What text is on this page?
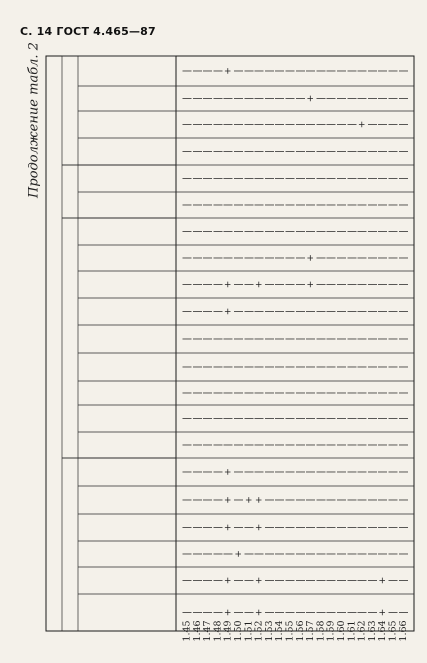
С. 14 ГОСТ 4.465—87
Продолжение табл. 2
1.45
|
|
|
|
|
|
|
|
|
|
|
|
|
|
|
|
|
|
|
|
|
1.46
|
|
|
|
|
|
|
|
|
|
|
|
|
|
|
|
|
|
|
|
|
1.47
|
|
|
|
|
|
|
|
|
|
|
|
|
|
|
|
|
|
|
|
|
1.48
|
|
|
|
|
|
|
|
|
|
|
|
|
|
|
|
|
|
|
|
|
1.49
+
|
|
|
|
|
|
|
+
+
|
|
|
|
|
+
+
+
|
+
+
1.50
|
|
|
|
|
|
|
|
|
|
|
|
|
|
|
|
|
|
+
|
|
1.51
|
|
|
|
|
|
|
|
|
|
|
|
|
|
|
|
+
|
|
|
|
1.52
|
|
|
|
|
|
|
|
+
|
|
|
|
|
|
|
+
+
|
+
+
1.53
|
|
|
|
|
|
|
|
|
|
|
|
|
|
|
|
|
|
|
|
|
1.54
|
|
|
|
|
|
|
|
|
|
|
|
|
|
|
|
|
|
|
|
|
1.55
|
|
|
|
|
|
|
|
|
|
|
|
|
|
|
|
|
|
|
|
|
1.56
|
|
|
|
|
|
|
|
|
|
|
|
|
|
|
|
|
|
|
|
|
1.57
|
+
|
|
|
|
|
+
+
|
|
|
|
|
|
|
|
|
|
|
|
1.58
|
|
|
|
|
|
|
|
|
|
|
|
|
|
|
|
|
|
|
|
|
1.59
|
|
|
|
|
|
|
|
|
|
|
|
|
|
|
|
|
|
|
|
|
1.60
|
|
|
|
|
|
|
|
|
|
|
|
|
|
|
|
|
|
|
|
|
1.61
|
|
|
|
|
|
|
|
|
|
|
|
|
|
|
|
|
|
|
|
|
1.62
|
|
+
|
|
|
|
|
|
|
|
|
|
|
|
|
|
|
|
|
|
1.63
|
|
|
|
|
|
|
|
|
|
|
|
|
|
|
|
|
|
|
|
|
1.64
|
|
|
|
|
|
|
|
|
|
|
|
|
|
|
|
|
|
|
+
+
1.65
|
|
|
|
|
|
|
|
|
|
|
|
|
|
|
|
|
|
|
|
|
1.66
|
|
|
|
|
|
|
|
|
|
|
|
|
|
|
|
|
|
|
|
|
